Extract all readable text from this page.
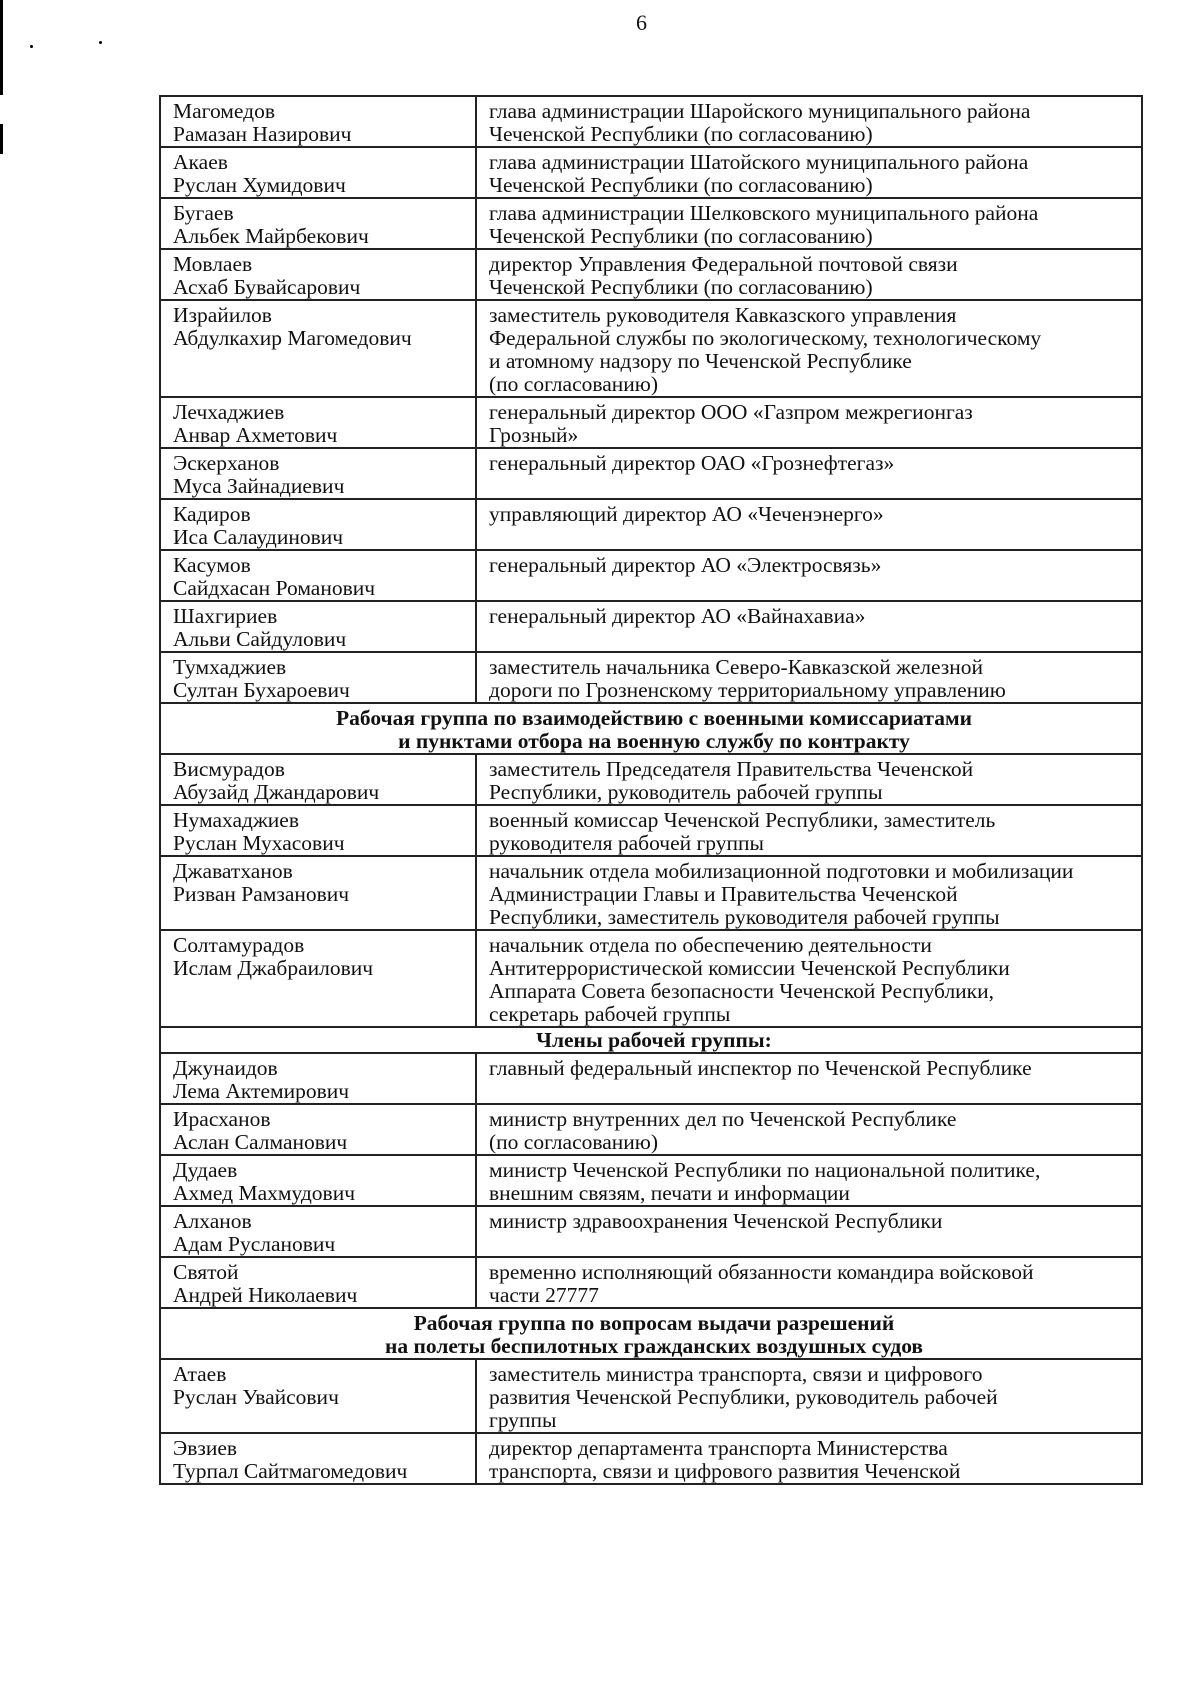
6
Магомедов
Рамазан Назирович	глава администрации Шаройского муниципального района
Чеченской Республики (по согласованию)

Акаев
Руслан Хумидович	глава администрации Шатойского муниципального района
Чеченской Республики (по согласованию)

Бугаев
Альбек Майрбекович	глава администрации Шелковского муниципального района
Чеченской Республики (по согласованию)

Мовлаев
Асхаб Бувайсарович	директор Управления Федеральной почтовой связи
Чеченской Республики (по согласованию)

Израйилов
Абдулкахир Магомедович	заместитель руководителя Кавказского управления
Федеральной службы по экологическому, технологическому
и атомному надзору по Чеченской Республике
(по согласованию)

Лечхаджиев
Анвар Ахметович	генеральный директор ООО «Газпром межрегионгаз
Грозный»

Эскерханов
Муса Зайнадиевич	генеральный директор ОАО «Грознефтегаз»

Кадиров
Иса Салаудинович	управляющий директор АО «Чеченэнерго»

Касумов
Сайдхасан Романович	генеральный директор АО «Электросвязь»

Шахгириев
Альви Сайдулович	генеральный директор АО «Вайнахавиа»

Тумхаджиев
Султан Бухароевич	заместитель начальника Северо-Кавказской железной
дороги по Грозненскому территориальному управлению

Рабочая группа по взаимодействию с военными комиссариатами
и пунктами отбора на военную службу по контракту	

Висмурадов
Абузайд Джандарович	заместитель Председателя Правительства Чеченской
Республики, руководитель рабочей группы

Нумахаджиев
Руслан Мухасович	военный комиссар Чеченской Республики, заместитель
руководителя рабочей группы

Джаватханов
Ризван Рамзанович	начальник отдела мобилизационной подготовки и мобилизации
Администрации Главы и Правительства Чеченской
Республики, заместитель руководителя рабочей группы

Солтамурадов
Ислам Джабраилович	начальник отдела по обеспечению деятельности
Антитеррористической комиссии Чеченской Республики
Аппарата Совета безопасности Чеченской Республики,
секретарь рабочей группы

Члены рабочей группы:	

Джунаидов
Лема Актемирович	главный федеральный инспектор по Чеченской Республике

Ирасханов
Аслан Салманович	министр внутренних дел по Чеченской Республике
(по согласованию)

Дудаев
Ахмед Махмудович	министр Чеченской Республики по национальной политике,
внешним связям, печати и информации

Алханов
Адам Русланович	министр здравоохранения Чеченской Республики

Святой
Андрей Николаевич	временно исполняющий обязанности командира войсковой
части 27777

Рабочая группа по вопросам выдачи разрешений
на полеты беспилотных гражданских воздушных судов	

Атаев
Руслан Увайсович	заместитель министра транспорта, связи и цифрового
развития Чеченской Республики, руководитель рабочей
группы

Эвзиев
Турпал Сайтмагомедович	директор департамента транспорта Министерства
транспорта, связи и цифрового развития Чеченской
